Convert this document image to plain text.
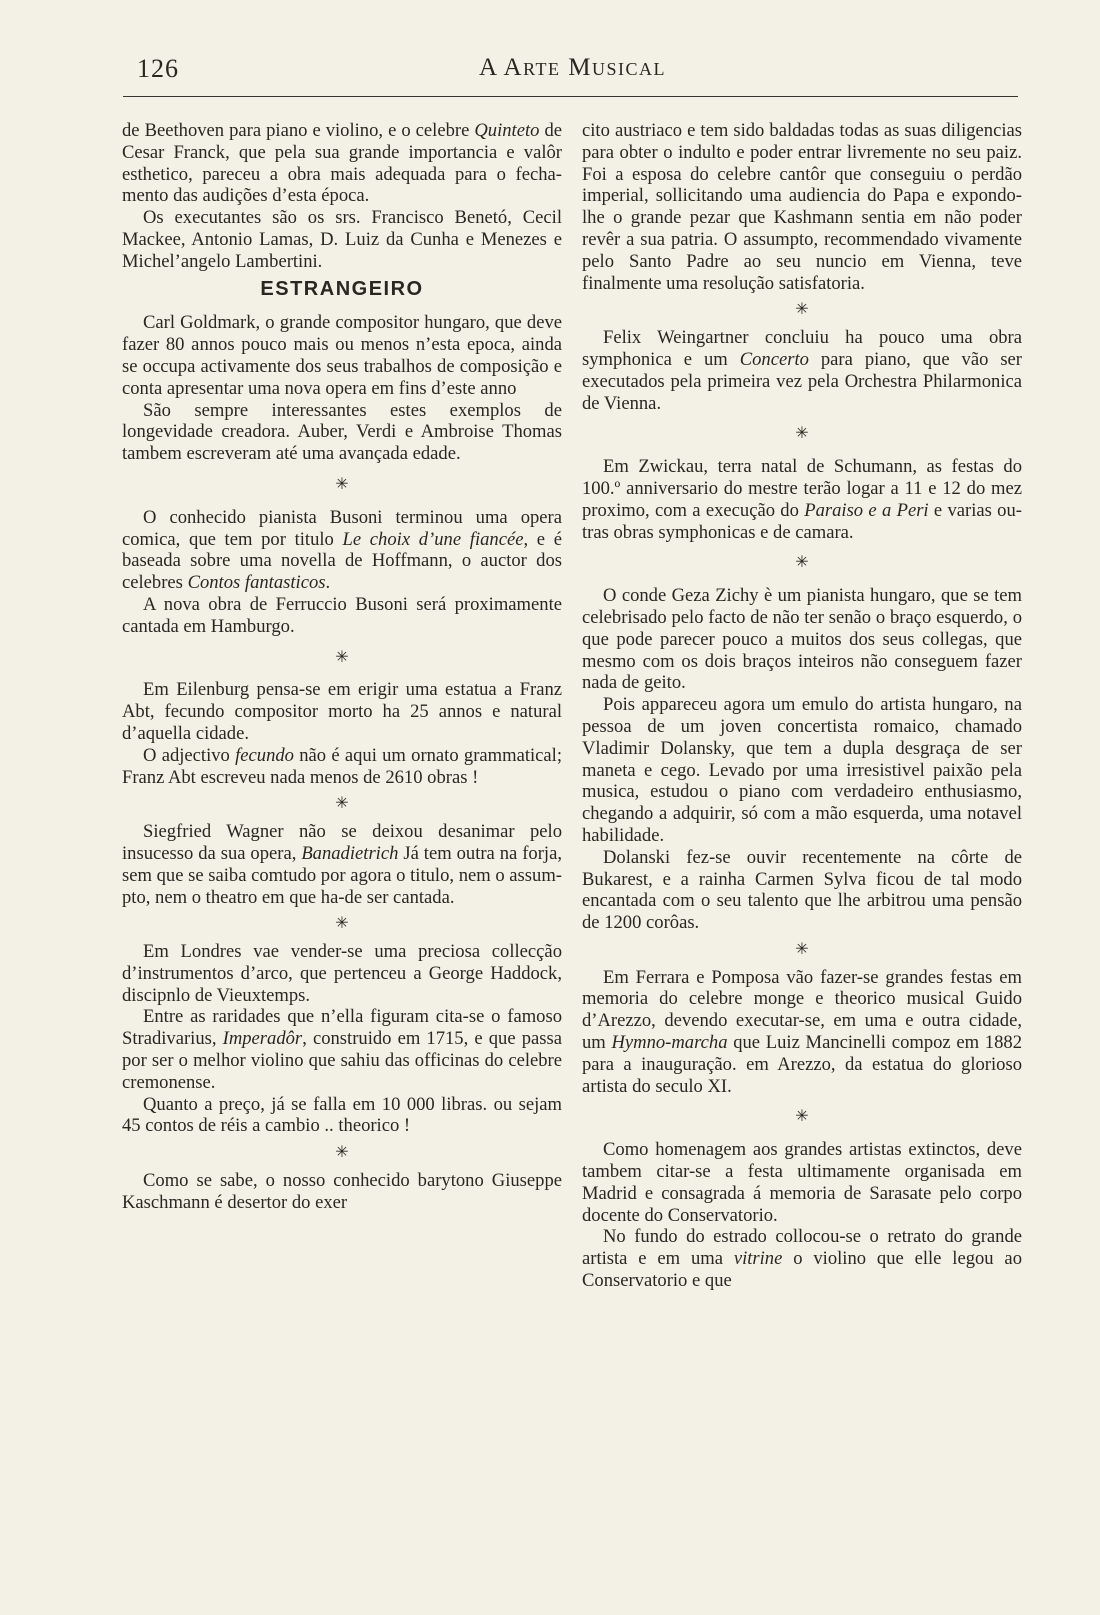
126	A Arte Musical

de Beethoven para piano e violino, e o celebre Quinteto de Cesar Franck, que pela sua grande importancia e valôr esthetico, pareceu a obra mais adequada para o fechamento das audições d’esta época.

Os executantes são os srs. Francisco Benetó, Cecil Mackee, Antonio Lamas, D. Luiz da Cunha e Menezes e Michel’angelo Lambertini.

ESTRANGEIRO

Carl Goldmark, o grande compositor hungaro, que deve fazer 80 annos pouco mais ou menos n’esta epoca, ainda se occupa activamente dos seus trabalhos de composição e conta apresentar uma nova opera em fins d’este anno

São sempre interessantes estes exemplos de longevidade creadora. Auber, Verdi e Ambroise Thomas tambem escreveram até uma avançada edade.

✳

O conhecido pianista Busoni terminou uma opera comica, que tem por titulo Le choix d’une fiancée, e é baseada sobre uma novella de Hoffmann, o auctor dos celebres Contos fantasticos.

A nova obra de Ferruccio Busoni será proximamente cantada em Hamburgo.

✳

Em Eilenburg pensa-se em erigir uma estatua a Franz Abt, fecundo compositor morto ha 25 annos e natural d’aquella cidade.

O adjectivo fecundo não é aqui um ornato grammatical; Franz Abt escreveu nada menos de 2610 obras !

✳

Siegfried Wagner não se deixou desanimar pelo insucesso da sua opera, Banadietrich Já tem outra na forja, sem que se saiba comtudo por agora o titulo, nem o assumpto, nem o theatro em que ha-de ser cantada.

✳

Em Londres vae vender-se uma preciosa collecção d’instrumentos d’arco, que pertenceu a George Haddock, discipnlo de Vieuxtemps.

Entre as raridades que n’ella figuram cita-se o famoso Stradivarius, Imperadôr, construido em 1715, e que passa por ser o melhor violino que sahiu das officinas do celebre cremonense.

Quanto a preço, já se falla em 10 000 libras. ou sejam 45 contos de réis a cambio .. theorico !

✳

Como se sabe, o nosso conhecido barytono Giuseppe Kaschmann é desertor do exer

cito austriaco e tem sido baldadas todas as suas diligencias para obter o indulto e poder entrar livremente no seu paiz. Foi a esposa do celebre cantôr que conseguiu o perdão imperial, sollicitando uma audiencia do Papa e expondo-lhe o grande pezar que Kashmann sentia em não poder revêr a sua patria. O assumpto, recommendado vivamente pelo Santo Padre ao seu nuncio em Vienna, teve finalmente uma resolução satisfatoria.

✳

Felix Weingartner concluiu ha pouco uma obra symphonica e um Concerto para piano, que vão ser executados pela primeira vez pela Orchestra Philarmonica de Vienna.

✳

Em Zwickau, terra natal de Schumann, as festas do 100.º anniversario do mestre terão logar a 11 e 12 do mez proximo, com a execução do Paraiso e a Peri e varias outras obras symphonicas e de camara.

✳

O conde Geza Zichy è um pianista hungaro, que se tem celebrisado pelo facto de não ter senão o braço esquerdo, o que pode parecer pouco a muitos dos seus collegas, que mesmo com os dois braços inteiros não conseguem fazer nada de geito.

Pois appareceu agora um emulo do artista hungaro, na pessoa de um joven concertista romaico, chamado Vladimir Dolansky, que tem a dupla desgraça de ser maneta e cego. Levado por uma irresistivel paixão pela musica, estudou o piano com verdadeiro enthusiasmo, chegando a adquirir, só com a mão esquerda, uma notavel habilidade.

Dolanski fez-se ouvir recentemente na côrte de Bukarest, e a rainha Carmen Sylva ficou de tal modo encantada com o seu talento que lhe arbitrou uma pensão de 1200 corôas.

✳

Em Ferrara e Pomposa vão fazer-se grandes festas em memoria do celebre monge e theorico musical Guido d’Arezzo, devendo executar-se, em uma e outra cidade, um Hymno-marcha que Luiz Mancinelli compoz em 1882 para a inauguração. em Arezzo, da estatua do glorioso artista do seculo XI.

✳

Como homenagem aos grandes artistas extinctos, deve tambem citar-se a festa ultimamente organisada em Madrid e consagrada á memoria de Sarasate pelo corpo docente do Conservatorio.

No fundo do estrado collocou-se o retrato do grande artista e em uma vitrine o violino que elle legou ao Conservatorio e que
